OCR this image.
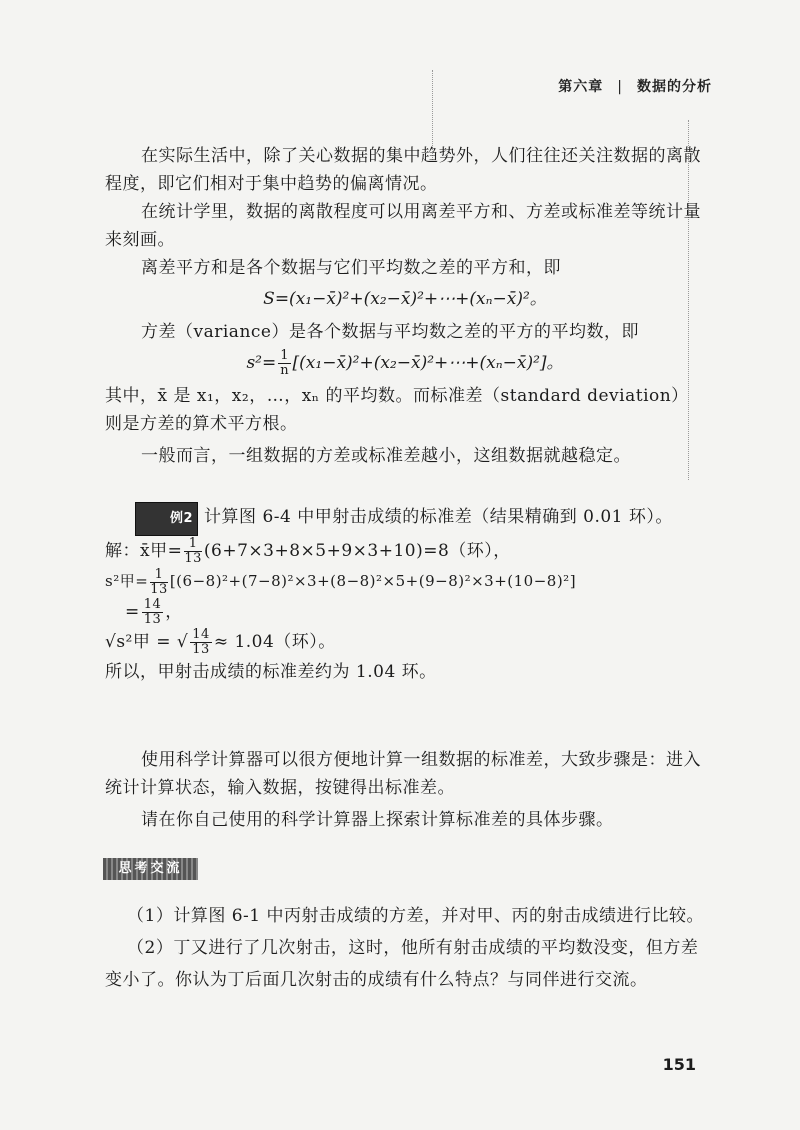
第六章 | 数据的分析

在实际生活中，除了关心数据的集中趋势外，人们往往还关注数据的离散程度，即它们相对于集中趋势的偏离情况。

在统计学里，数据的离散程度可以用离差平方和、方差或标准差等统计量来刻画。

离差平方和是各个数据与它们平均数之差的平方和，即

S=(x₁−x̄)²+(x₂−x̄)²+⋯+(xₙ−x̄)²。

方差（variance）是各个数据与平均数之差的平方的平均数，即

$s^2= \frac{1}{n}$ [(x₁−x̄)²+(x₂−x̄)²+⋯+(xₙ−x̄)²]。

其中，x̄ 是 x₁，x₂，…，xₙ 的平均数。而标准差（standard deviation）则是方差的算术平方根。

一般而言，一组数据的方差或标准差越小，这组数据就越稳定。

例2 计算图 6-4 中甲射击成绩的标准差（结果精确到 0.01 环）。

解：x̄甲= $\frac{1}{13} (6+7\times 3+8\times 5+9\times 3+10)=8$（环），

s²甲= $\frac{1}{13} [(6-8)^2+(7-8)^2\times 3+(8-8)^2\times 5+(9-8)^2\times 3+(10-8)^2]$

= $\frac{14}{13}$ ，

√s²甲 = √ $\frac{14}{13} \approx 1.04$（环）。

所以，甲射击成绩的标准差约为 1.04 环。

使用科学计算器可以很方便地计算一组数据的标准差，大致步骤是：进入统计计算状态，输入数据，按键得出标准差。

请在你自己使用的科学计算器上探索计算标准差的具体步骤。

思考交流

（1）计算图 6-1 中丙射击成绩的方差，并对甲、丙的射击成绩进行比较。

（2）丁又进行了几次射击，这时，他所有射击成绩的平均数没变，但方差变小了。你认为丁后面几次射击的成绩有什么特点？与同伴进行交流。

151
